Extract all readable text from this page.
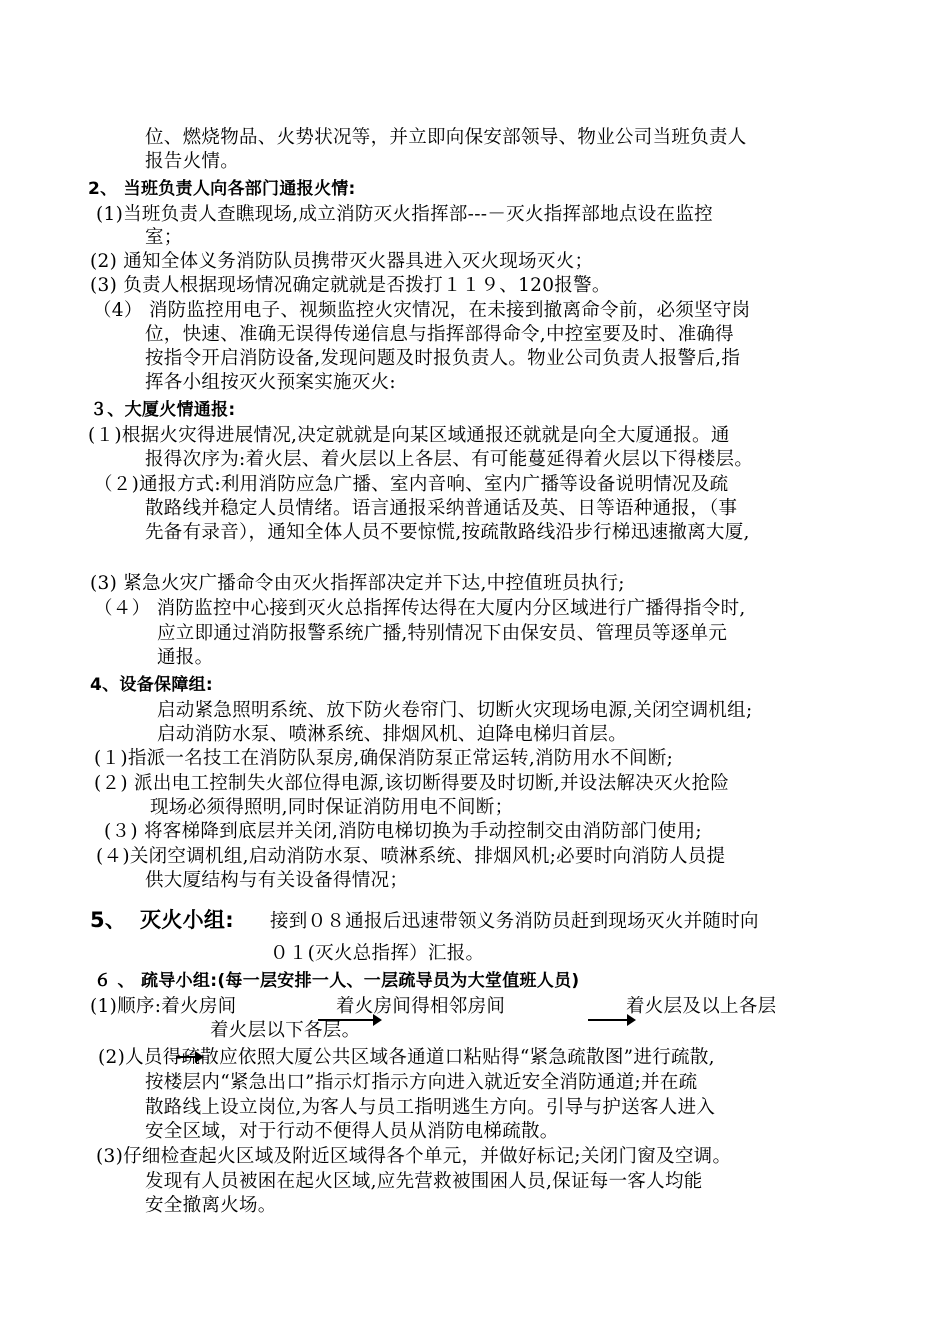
位、燃烧物品、火势状况等，并立即向保安部领导、物业公司当班负责人
报告火情。
2、 当班负责人向各部门通报火情:
(1)当班负责人查瞧现场,成立消防灭火指挥部---－灭火指挥部地点设在监控
室；
(2) 通知全体义务消防队员携带灭火器具进入灭火现场灭火；
(3) 负责人根据现场情况确定就就是否拨打１１９、120报警。
（4） 消防监控用电子、视频监控火灾情况，在未接到撤离命令前，必须坚守岗
位，快速、准确无误得传递信息与指挥部得命令,中控室要及时、准确得
按指令开启消防设备,发现问题及时报负责人。物业公司负责人报警后,指
挥各小组按灭火预案实施灭火:
３、大厦火情通报:
(１)根据火灾得进展情况,决定就就是向某区域通报还就就是向全大厦通报。通
报得次序为:着火层、着火层以上各层、有可能蔓延得着火层以下得楼层。
（２)通报方式:利用消防应急广播、室内音响、室内广播等设备说明情况及疏
散路线并稳定人员情绪。语言通报采纳普通话及英、日等语种通报，（事
先备有录音），通知全体人员不要惊慌,按疏散路线沿步行梯迅速撤离大厦,
(3) 紧急火灾广播命令由灭火指挥部决定并下达,中控值班员执行;
（４） 消防监控中心接到灭火总指挥传达得在大厦内分区域进行广播得指令时,
应立即通过消防报警系统广播,特别情况下由保安员、管理员等逐单元
通报。
4、设备保障组:
启动紧急照明系统、放下防火卷帘门、切断火灾现场电源,关闭空调机组;
启动消防水泵、喷淋系统、排烟风机、迫降电梯归首层。
(１)指派一名技工在消防队泵房,确保消防泵正常运转,消防用水不间断;
(２) 派出电工控制失火部位得电源,该切断得要及时切断,并设法解决灭火抢险
现场必须得照明,同时保证消防用电不间断；
(３) 将客梯降到底层并关闭,消防电梯切换为手动控制交由消防部门使用;
(４)关闭空调机组,启动消防水泵、喷淋系统、排烟风机;必要时向消防人员提
供大厦结构与有关设备得情况；
5、 灭火小组: 接到０８通报后迅速带领义务消防员赶到现场灭火并随时向
０１(灭火总指挥）汇报。
６ 、 疏导小组:(每一层安排一人、一层疏导员为大堂值班人员)
(1)顺序:着火房间	着火房间得相邻房间	着火层及以上各层
着火层以下各层。
(2)人员得疏散应依照大厦公共区域各通道口粘贴得“紧急疏散图”进行疏散,
按楼层内“紧急出口”指示灯指示方向进入就近安全消防通道;并在疏
散路线上设立岗位,为客人与员工指明逃生方向。引导与护送客人进入
安全区域，对于行动不便得人员从消防电梯疏散。
(3)仔细检查起火区域及附近区域得各个单元，并做好标记;关闭门窗及空调。
发现有人员被困在起火区域,应先营救被围困人员,保证每一客人均能
安全撤离火场。
